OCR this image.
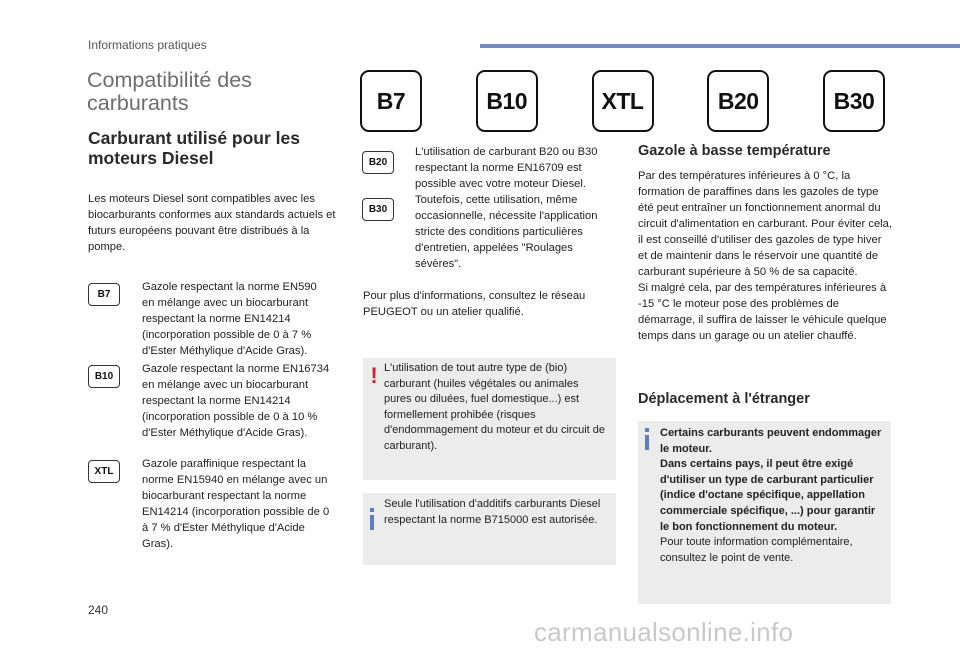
Informations pratiques
Compatibilité des carburants
Carburant utilisé pour les moteurs Diesel

Les moteurs Diesel sont compatibles avec les biocarburants conformes aux standards actuels et futurs européens pouvant être distribués à la pompe.

B7	B10	XTL	B20	B30
B7

Gazole respectant la norme EN590 en mélange avec un biocarburant respectant la norme EN14214 (incorporation possible de 0 à 7 % d'Ester Méthylique d'Acide Gras).

B10

Gazole respectant la norme EN16734 en mélange avec un biocarburant respectant la norme EN14214 (incorporation possible de 0 à 10 % d'Ester Méthylique d'Acide Gras).

XTL

Gazole paraffinique respectant la norme EN15940 en mélange avec un biocarburant respectant la norme EN14214 (incorporation possible de 0 à 7 % d'Ester Méthylique d'Acide Gras).

B20
B30

L'utilisation de carburant B20 ou B30 respectant la norme EN16709 est possible avec votre moteur Diesel. Toutefois, cette utilisation, même occasionnelle, nécessite l'application stricte des conditions particulières d'entretien, appelées "Roulages sévères".

Pour plus d'informations, consultez le réseau PEUGEOT ou un atelier qualifié.

! L'utilisation de tout autre type de (bio) carburant (huiles végétales ou animales pures ou diluées, fuel domestique...) est formellement prohibée (risques d'endommagement du moteur et du circuit de carburant).

Seule l'utilisation d'additifs carburants Diesel respectant la norme B715000 est autorisée.

Gazole à basse température

Par des températures inférieures à 0 °C, la formation de paraffines dans les gazoles de type été peut entraîner un fonctionnement anormal du circuit d'alimentation en carburant. Pour éviter cela, il est conseillé d'utiliser des gazoles de type hiver et de maintenir dans le réservoir une quantité de carburant supérieure à 50 % de sa capacité.

Si malgré cela, par des températures inférieures à -15 °C le moteur pose des problèmes de démarrage, il suffira de laisser le véhicule quelque temps dans un garage ou un atelier chauffé.

Déplacement à l'étranger

Certains carburants peuvent endommager le moteur.

Dans certains pays, il peut être exigé d'utiliser un type de carburant particulier (indice d'octane spécifique, appellation commerciale spécifique, ...) pour garantir le bon fonctionnement du moteur.

Pour toute information complémentaire, consultez le point de vente.

240
carmanualsonline.info
